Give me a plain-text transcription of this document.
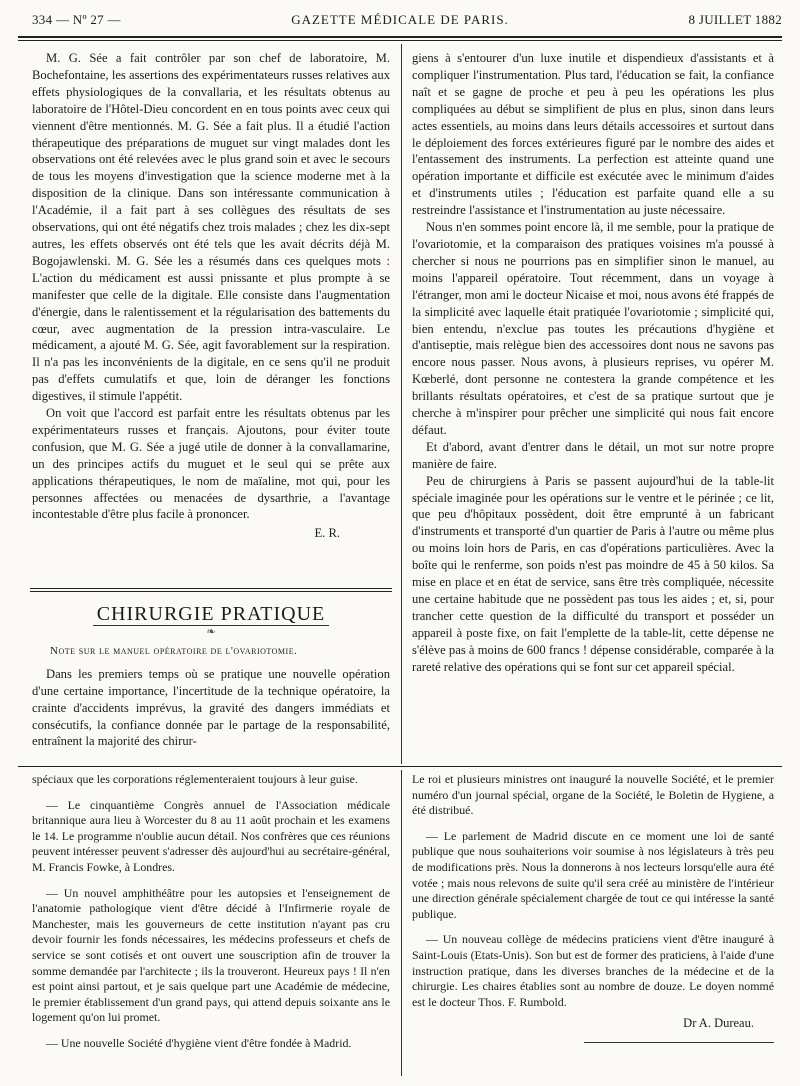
334 — Nº 27 —	GAZETTE MÉDICALE DE PARIS.	8 JUILLET 1882

M. G. Sée a fait contrôler par son chef de laboratoire, M. Bochefontaine, les assertions des expérimentateurs russes relatives aux effets physiologiques de la convallaria, et les résultats obtenus au laboratoire de l'Hôtel-Dieu concordent en en tous points avec ceux qui viennent d'être mentionnés. M. G. Sée a fait plus. Il a étudié l'action thérapeutique des préparations de muguet sur vingt malades dont les observations ont été relevées avec le plus grand soin et avec le secours de tous les moyens d'investigation que la science moderne met à la disposition de la clinique. Dans son intéressante communication à l'Académie, il a fait part à ses collègues des résultats de ses observations, qui ont été négatifs chez trois malades ; chez les dix-sept autres, les effets observés ont été tels que les avait décrits déjà M. Bogojawlenski. M. G. Sée les a résumés dans ces quelques mots : L'action du médicament est aussi pnissante et plus prompte à se manifester que celle de la digitale. Elle consiste dans l'augmentation d'énergie, dans le ralentissement et la régularisation des battements du cœur, avec augmentation de la pression intra-vasculaire. Le médicament, a ajouté M. G. Sée, agit favorablement sur la respiration. Il n'a pas les inconvénients de la digitale, en ce sens qu'il ne produit pas d'effets cumulatifs et que, loin de déranger les fonctions digestives, il stimule l'appétit.

On voit que l'accord est parfait entre les résultats obtenus par les expérimentateurs russes et français. Ajoutons, pour éviter toute confusion, que M. G. Sée a jugé utile de donner à la convallamarine, un des principes actifs du muguet et le seul qui se prête aux applications thérapeutiques, le nom de maïaline, mot qui, pour les personnes affectées ou menacées de dysarthrie, a l'avantage incontestable d'être plus facile à prononcer.

E. R.
CHIRURGIE PRATIQUE
❧
Note sur le manuel opératoire de l'ovariotomie.

Dans les premiers temps où se pratique une nouvelle opération d'une certaine importance, l'incertitude de la technique opératoire, la crainte d'accidents imprévus, la gravité des dangers immédiats et consécutifs, la confiance donnée par le partage de la responsabilité, entraînent la majorité des chirur-

giens à s'entourer d'un luxe inutile et dispendieux d'assistants et à compliquer l'instrumentation. Plus tard, l'éducation se fait, la confiance naît et se gagne de proche et peu à peu les opérations les plus compliquées au début se simplifient de plus en plus, sinon dans leurs actes essentiels, au moins dans leurs détails accessoires et surtout dans le déploiement des forces extérieures figuré par le nombre des aides et l'entassement des instruments. La perfection est atteinte quand une opération importante et difficile est exécutée avec le minimum d'aides et d'instruments utiles ; l'éducation est parfaite quand elle a su restreindre l'assistance et l'instrumentation au juste nécessaire.

Nous n'en sommes point encore là, il me semble, pour la pratique de l'ovariotomie, et la comparaison des pratiques voisines m'a poussé à chercher si nous ne pourrions pas en simplifier sinon le manuel, au moins l'appareil opératoire. Tout récemment, dans un voyage à l'étranger, mon ami le docteur Nicaise et moi, nous avons été frappés de la simplicité avec laquelle était pratiquée l'ovariotomie ; simplicité qui, bien entendu, n'exclue pas toutes les précautions d'hygiène et d'antiseptie, mais relègue bien des accessoires dont nous ne savons pas encore nous passer. Nous avons, à plusieurs reprises, vu opérer M. Kœberlé, dont personne ne contestera la grande compétence et les brillants résultats opératoires, et c'est de sa pratique surtout que je cherche à m'inspirer pour prêcher une simplicité qui nous fait encore défaut.

Et d'abord, avant d'entrer dans le détail, un mot sur notre propre manière de faire.

Peu de chirurgiens à Paris se passent aujourd'hui de la table-lit spéciale imaginée pour les opérations sur le ventre et le périnée ; ce lit, que peu d'hôpitaux possèdent, doit être emprunté à un fabricant d'instruments et transporté d'un quartier de Paris à l'autre ou même plus ou moins loin hors de Paris, en cas d'opérations particulières. Avec la boîte qui le renferme, son poids n'est pas moindre de 45 à 50 kilos. Sa mise en place et en état de service, sans être très compliquée, nécessite une certaine habitude que ne possèdent pas tous les aides ; et, si, pour trancher cette question de la difficulté du transport et posséder un appareil à poste fixe, on fait l'emplette de la table-lit, cette dépense ne s'élève pas à moins de 600 francs ! dépense considérable, comparée à la rareté relative des opérations qui se font sur cet appareil spécial.

spéciaux que les corporations réglementeraient toujours à leur guise.

— Le cinquantième Congrès annuel de l'Association médicale britannique aura lieu à Worcester du 8 au 11 août prochain et les examens le 14. Le programme n'oublie aucun détail. Nos confrères que ces réunions peuvent intéresser peuvent s'adresser dès aujourd'hui au secrétaire-général, M. Francis Fowke, à Londres.

— Un nouvel amphithéâtre pour les autopsies et l'enseignement de l'anatomie pathologique vient d'être décidé à l'Infirmerie royale de Manchester, mais les gouverneurs de cette institution n'ayant pas cru devoir fournir les fonds nécessaires, les médecins professeurs et chefs de service se sont cotisés et ont ouvert une souscription afin de trouver la somme demandée par l'architecte ; ils la trouveront. Heureux pays ! Il n'en est point ainsi partout, et je sais quelque part une Académie de médecine, le premier établissement d'un grand pays, qui attend depuis soixante ans le logement qu'on lui promet.

— Une nouvelle Société d'hygiène vient d'être fondée à Madrid.

Le roi et plusieurs ministres ont inauguré la nouvelle Société, et le premier numéro d'un journal spécial, organe de la Société, le Boletin de Hygiene, a été distribué.

— Le parlement de Madrid discute en ce moment une loi de santé publique que nous souhaiterions voir soumise à nos législateurs à très peu de modifications près. Nous la donnerons à nos lecteurs lorsqu'elle aura été votée ; mais nous relevons de suite qu'il sera créé au ministère de l'intérieur une direction générale spécialement chargée de tout ce qui intéresse la santé publique.

— Un nouveau collège de médecins praticiens vient d'être inauguré à Saint-Louis (Etats-Unis). Son but est de former des praticiens, à l'aide d'une instruction pratique, dans les diverses branches de la médecine et de la chirurgie. Les chaires établies sont au nombre de douze. Le doyen nommé est le docteur Thos. F. Rumbold.

Dr A. Dureau.
